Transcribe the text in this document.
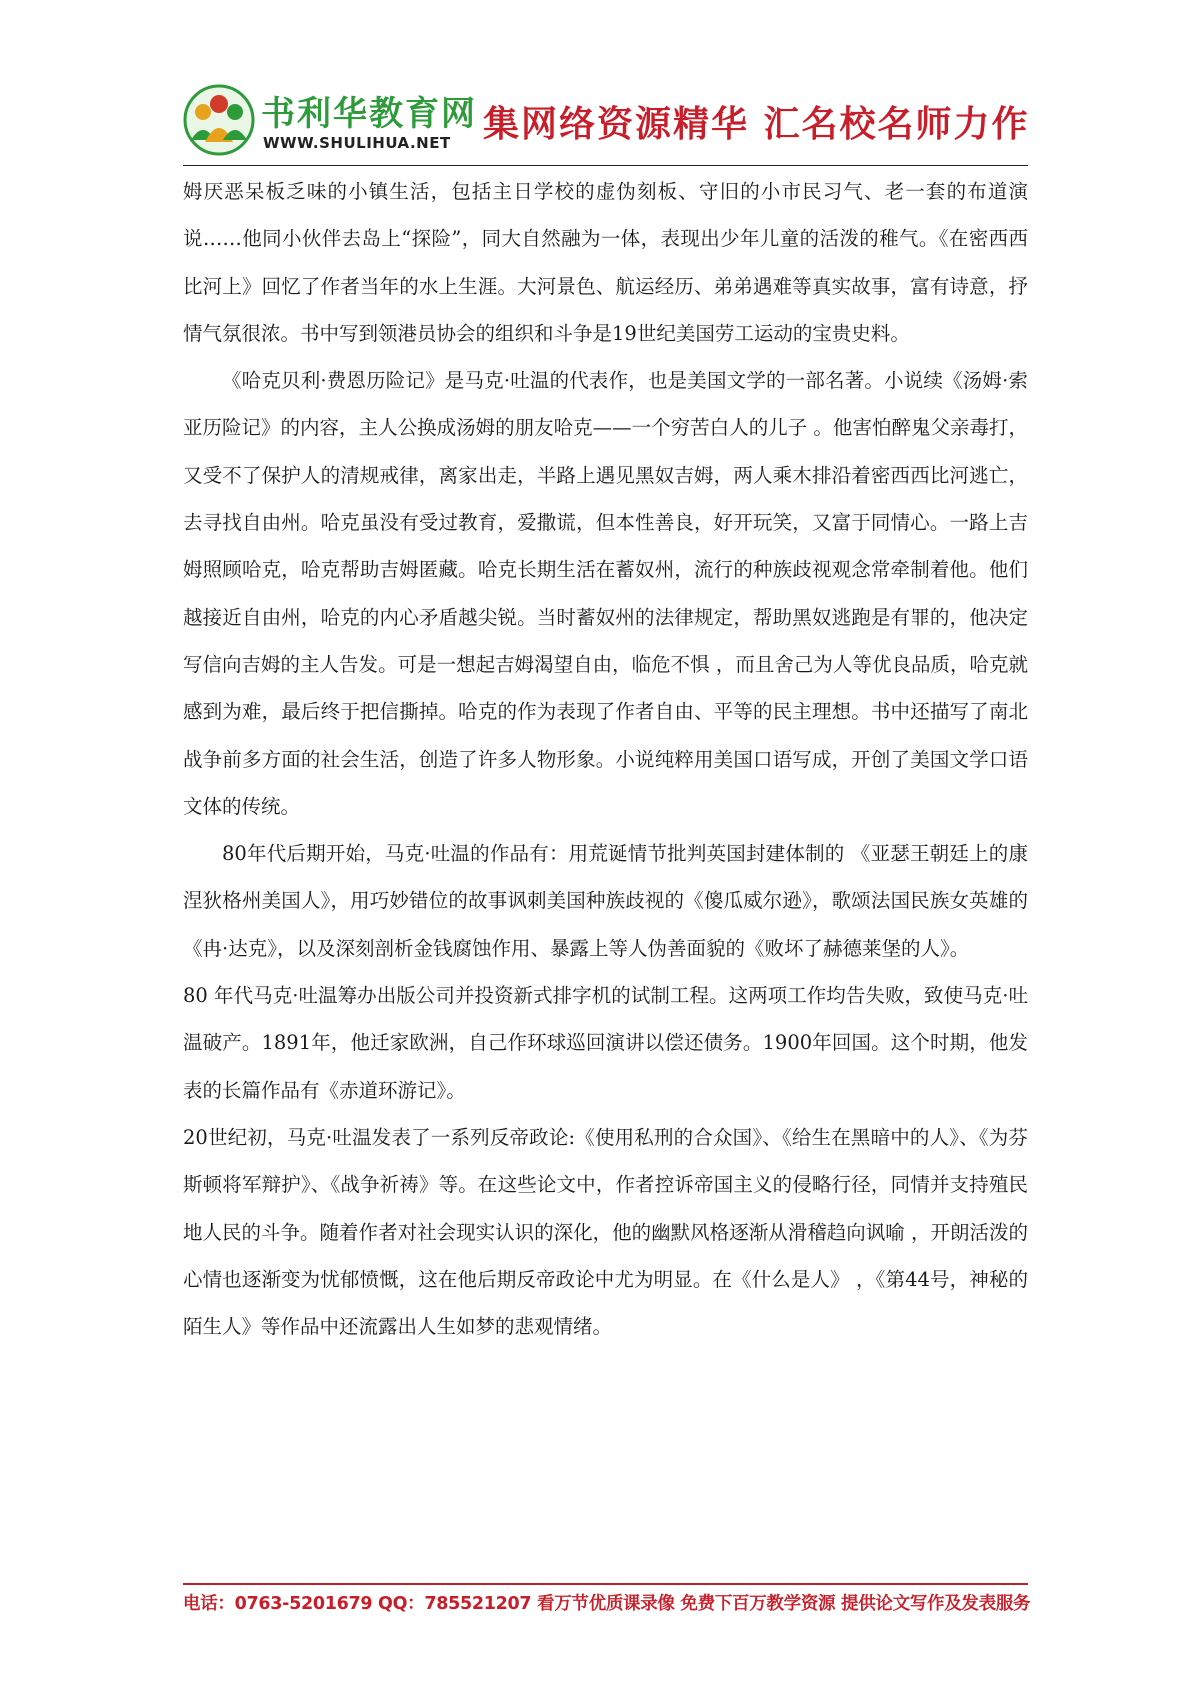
书利华教育网
WWW.SHULIHUA.NET 集网络资源精华 汇名校名师力作

姆厌恶呆板乏味的小镇生活，包括主日学校的虚伪刻板、守旧的小市民习气、老一套的布道演说……他同小伙伴去岛上“探险”，同大自然融为一体，表现出少年儿童的活泼的稚气。《在密西西比河上》回忆了作者当年的水上生涯。大河景色、航运经历、弟弟遇难等真实故事，富有诗意，抒情气氛很浓。书中写到领港员协会的组织和斗争是19世纪美国劳工运动的宝贵史料。

《哈克贝利·费恩历险记》是马克·吐温的代表作，也是美国文学的一部名著。小说续《汤姆·索亚历险记》的内容，主人公换成汤姆的朋友哈克——一个穷苦白人的儿子 。他害怕醉鬼父亲毒打，又受不了保护人的清规戒律，离家出走，半路上遇见黑奴吉姆，两人乘木排沿着密西西比河逃亡，去寻找自由州。哈克虽没有受过教育，爱撒谎，但本性善良，好开玩笑，又富于同情心。一路上吉姆照顾哈克，哈克帮助吉姆匿藏。哈克长期生活在蓄奴州，流行的种族歧视观念常牵制着他。他们越接近自由州，哈克的内心矛盾越尖锐。当时蓄奴州的法律规定，帮助黑奴逃跑是有罪的，他决定写信向吉姆的主人告发。可是一想起吉姆渴望自由，临危不惧 ，而且舍己为人等优良品质，哈克就感到为难，最后终于把信撕掉。哈克的作为表现了作者自由、平等的民主理想。书中还描写了南北战争前多方面的社会生活，创造了许多人物形象。小说纯粹用美国口语写成，开创了美国文学口语文体的传统。

80年代后期开始，马克·吐温的作品有：用荒诞情节批判英国封建体制的 《亚瑟王朝廷上的康涅狄格州美国人》，用巧妙错位的故事讽刺美国种族歧视的《傻瓜威尔逊》，歌颂法国民族女英雄的《冉·达克》，以及深刻剖析金钱腐蚀作用、暴露上等人伪善面貌的《败坏了赫德莱堡的人》。

80 年代马克·吐温筹办出版公司并投资新式排字机的试制工程。这两项工作均告失败，致使马克·吐温破产。1891年，他迁家欧洲，自己作环球巡回演讲以偿还债务。1900年回国。这个时期，他发表的长篇作品有《赤道环游记》。

20世纪初，马克·吐温发表了一系列反帝政论:《使用私刑的合众国》、《给生在黑暗中的人》、《为芬斯顿将军辩护》、《战争祈祷》等。在这些论文中，作者控诉帝国主义的侵略行径，同情并支持殖民地人民的斗争。随着作者对社会现实认识的深化，他的幽默风格逐渐从滑稽趋向讽喻 ，开朗活泼的心情也逐渐变为忧郁愤慨，这在他后期反帝政论中尤为明显。在《什么是人》 ，《第44号，神秘的陌生人》等作品中还流露出人生如梦的悲观情绪。

电话：0763-5201679 QQ：785521207 看万节优质课录像 免费下百万教学资源 提供论文写作及发表服务
